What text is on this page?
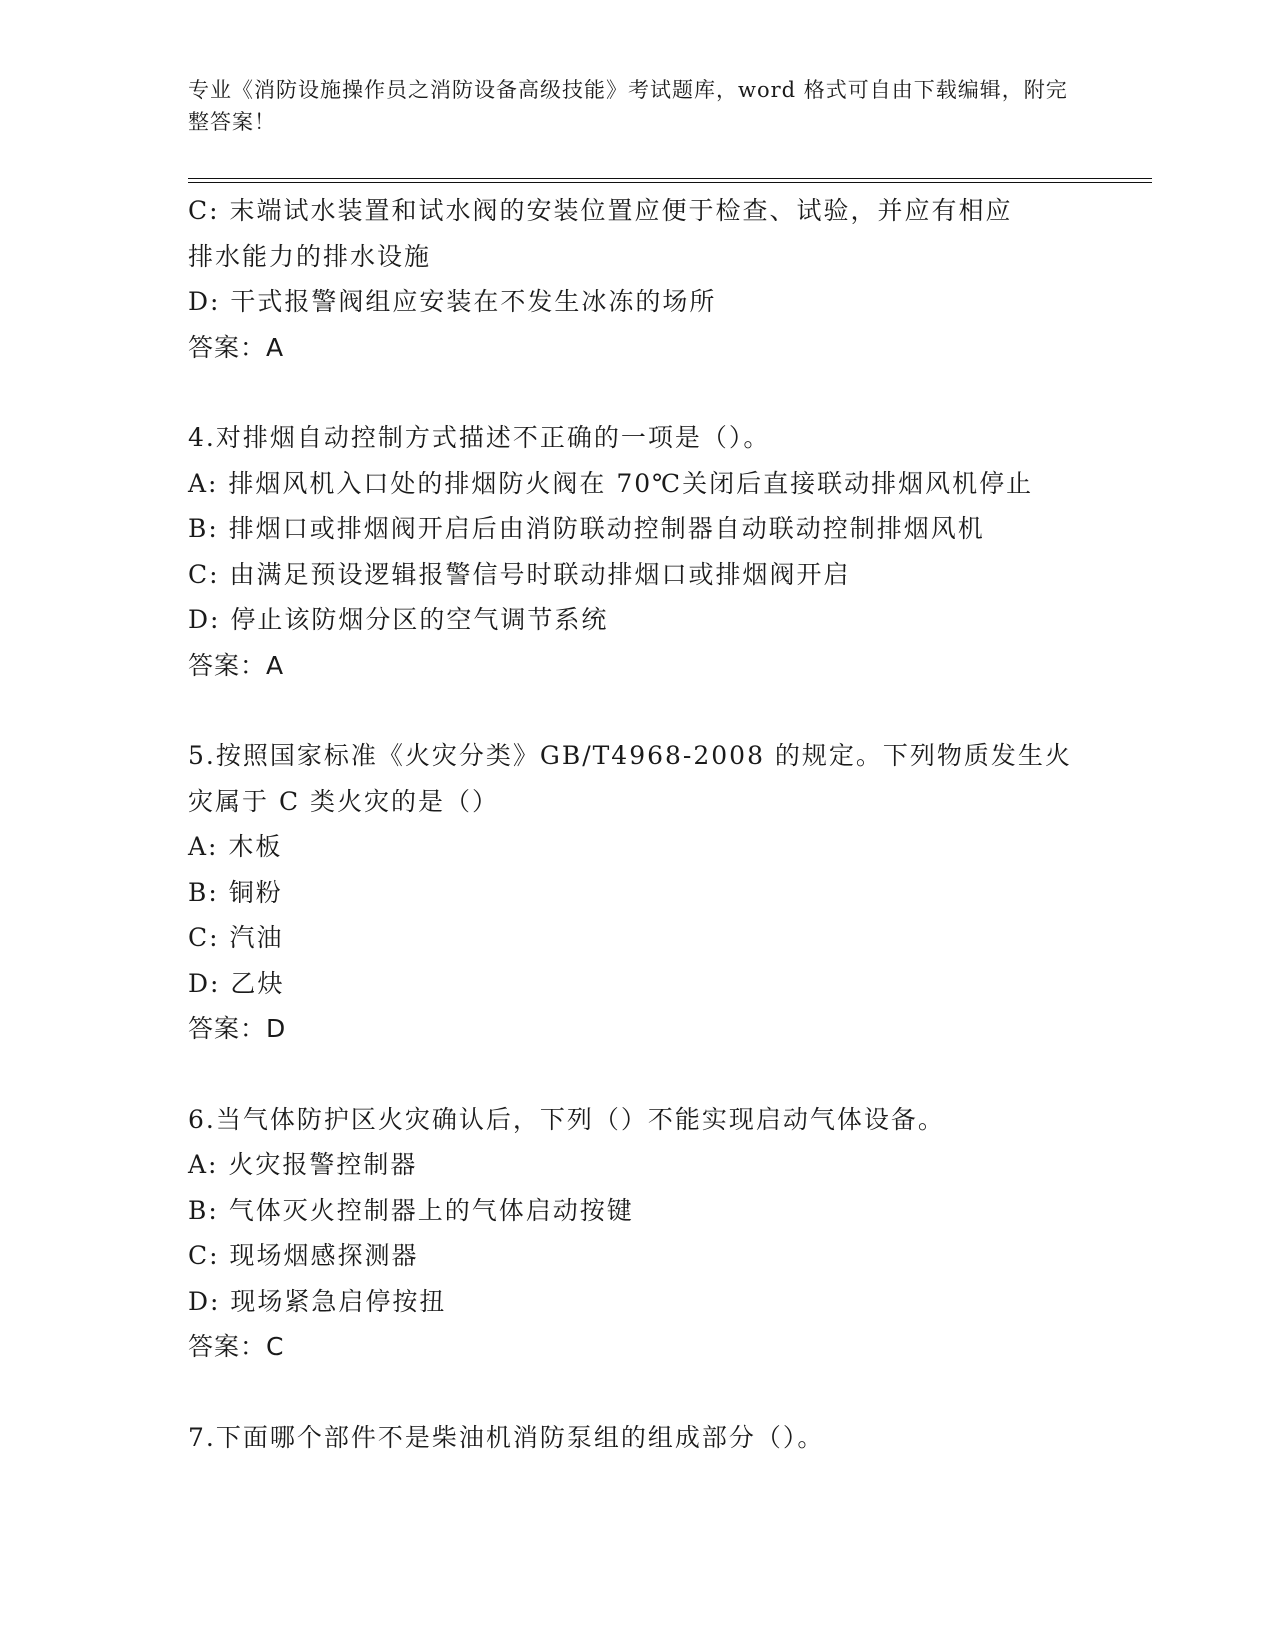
专业《消防设施操作员之消防设备高级技能》考试题库，word 格式可自由下载编辑，附完整答案！

C: 末端试水装置和试水阀的安装位置应便于检查、试验，并应有相应

排水能力的排水设施

D: 干式报警阀组应安装在不发生冰冻的场所

答案：A

4.对排烟自动控制方式描述不正确的一项是（）。

A: 排烟风机入口处的排烟防火阀在 70℃关闭后直接联动排烟风机停止

B: 排烟口或排烟阀开启后由消防联动控制器自动联动控制排烟风机

C: 由满足预设逻辑报警信号时联动排烟口或排烟阀开启

D: 停止该防烟分区的空气调节系统

答案：A

5.按照国家标准《火灾分类》GB/T4968-2008 的规定。下列物质发生火

灾属于 C 类火灾的是（）

A: 木板

B: 铜粉

C: 汽油

D: 乙炔

答案：D

6.当气体防护区火灾确认后，下列（）不能实现启动气体设备。

A: 火灾报警控制器

B: 气体灭火控制器上的气体启动按键

C: 现场烟感探测器

D: 现场紧急启停按扭

答案：C

7.下面哪个部件不是柴油机消防泵组的组成部分（）。
